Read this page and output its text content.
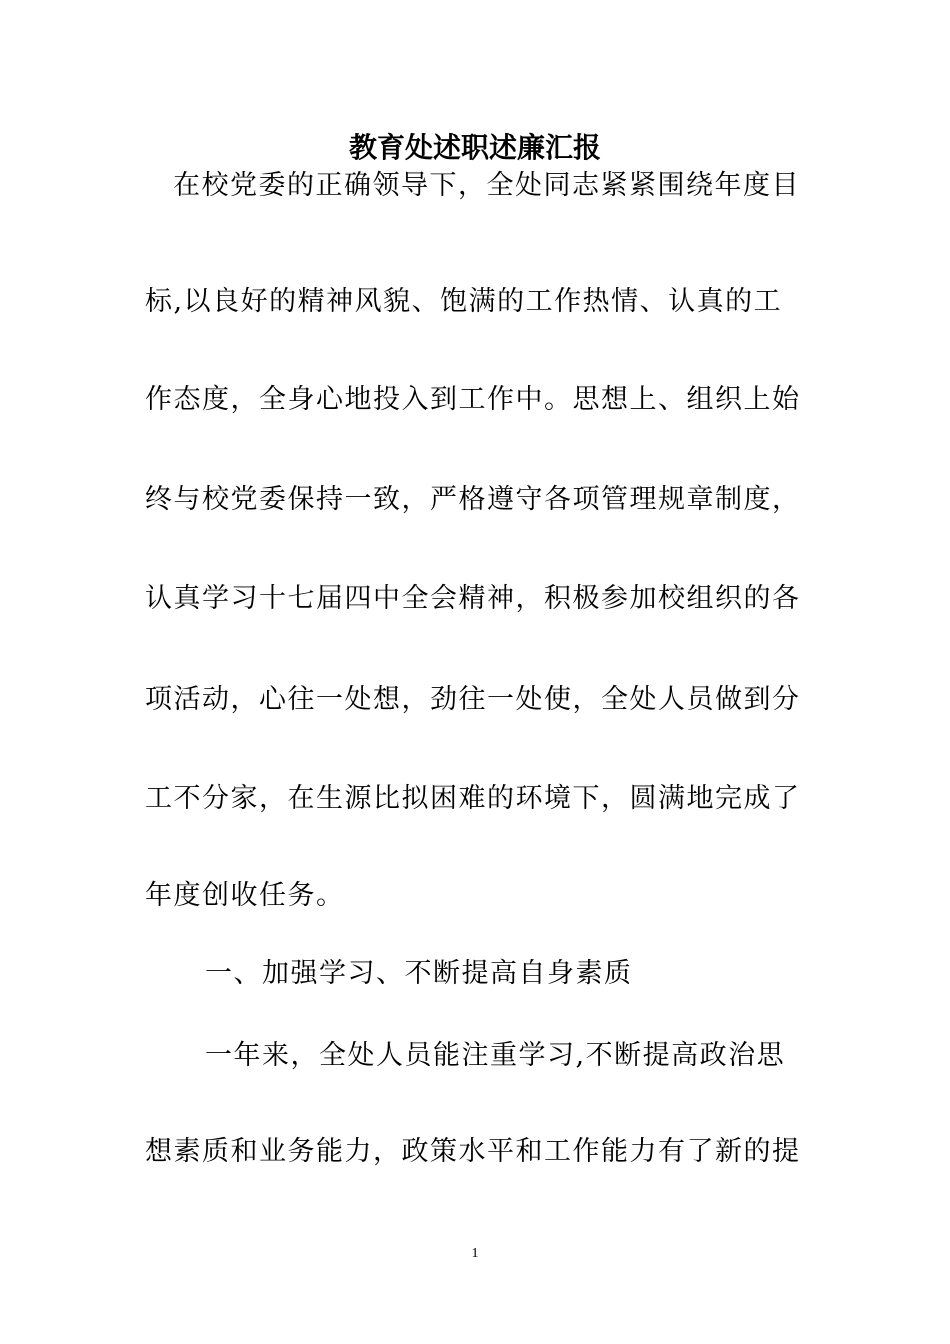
教育处述职述廉汇报
在校党委的正确领导下，全处同志紧紧围绕年度目
标,以良好的精神风貌、饱满的工作热情、认真的工
作态度，全身心地投入到工作中。思想上、组织上始
终与校党委保持一致，严格遵守各项管理规章制度，
认真学习十七届四中全会精神，积极参加校组织的各
项活动，心往一处想，劲往一处使，全处人员做到分
工不分家，在生源比拟困难的环境下，圆满地完成了
年度创收任务。
一、加强学习、不断提高自身素质
一年来，全处人员能注重学习,不断提高政治思
想素质和业务能力，政策水平和工作能力有了新的提
1
